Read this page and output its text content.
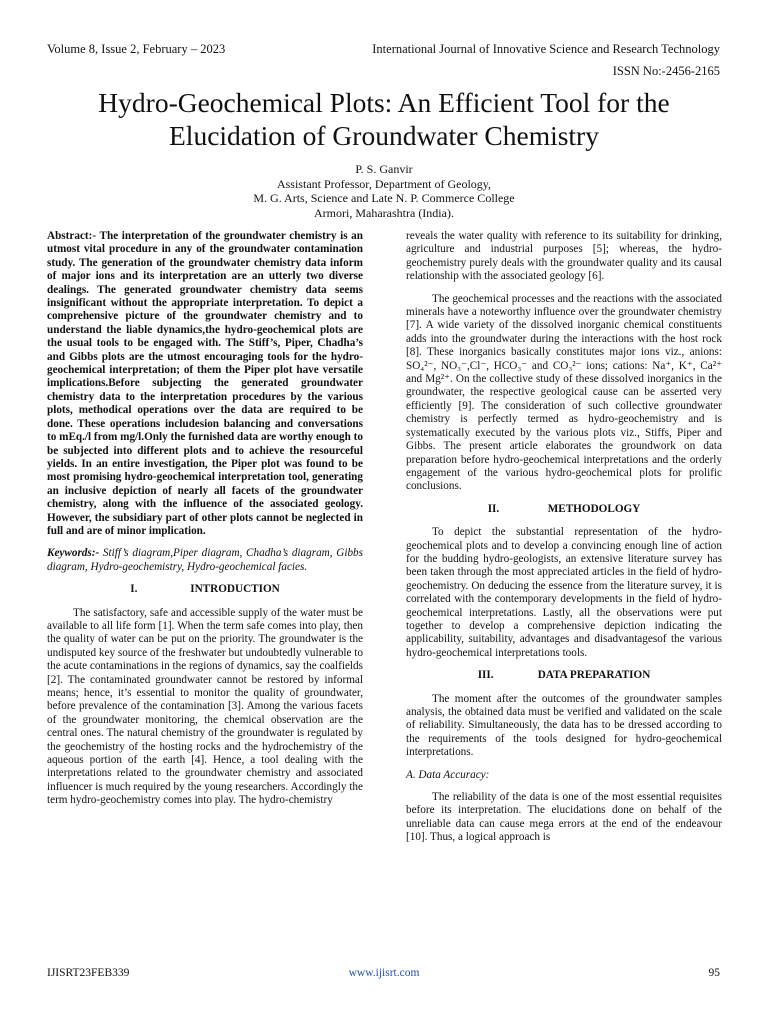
Volume 8, Issue 2, February – 2023	International Journal of Innovative Science and Research Technology
ISSN No:-2456-2165
Hydro-Geochemical Plots: An Efficient Tool for the
Elucidation of Groundwater Chemistry
P. S. Ganvir
Assistant Professor, Department of Geology,
M. G. Arts, Science and Late N. P. Commerce College
Armori, Maharashtra (India).

Abstract:- The interpretation of the groundwater chemistry is an utmost vital procedure in any of the groundwater contamination study. The generation of the groundwater chemistry data inform of major ions and its interpretation are an utterly two diverse dealings. The generated groundwater chemistry data seems insignificant without the appropriate interpretation. To depict a comprehensive picture of the groundwater chemistry and to understand the liable dynamics,the hydro-geochemical plots are the usual tools to be engaged with. The Stiff’s, Piper, Chadha’s and Gibbs plots are the utmost encouraging tools for the hydro-geochemical interpretation; of them the Piper plot have versatile implications.Before subjecting the generated groundwater chemistry data to the interpretation procedures by the various plots, methodical operations over the data are required to be done. These operations includesion balancing and conversations to mEq./l from mg/l.Only the furnished data are worthy enough to be subjected into different plots and to achieve the resourceful yields. In an entire investigation, the Piper plot was found to be most promising hydro-geochemical interpretation tool, generating an inclusive depiction of nearly all facets of the groundwater chemistry, along with the influence of the associated geology. However, the subsidiary part of other plots cannot be neglected in full and are of minor implication.

Keywords:- Stiff’s diagram,Piper diagram, Chadha’s diagram, Gibbs diagram, Hydro-geochemistry, Hydro-geochemical facies.

I.	INTRODUCTION

The satisfactory, safe and accessible supply of the water must be available to all life form [1]. When the term safe comes into play, then the quality of water can be put on the priority. The groundwater is the undisputed key source of the freshwater but undoubtedly vulnerable to the acute contaminations in the regions of dynamics, say the coalfields [2]. The contaminated groundwater cannot be restored by informal means; hence, it’s essential to monitor the quality of groundwater, before prevalence of the contamination [3]. Among the various facets of the groundwater monitoring, the chemical observation are the central ones. The natural chemistry of the groundwater is regulated by the geochemistry of the hosting rocks and the hydrochemistry of the aqueous portion of the earth [4]. Hence, a tool dealing with the interpretations related to the groundwater chemistry and associated influencer is much required by the young researchers. Accordingly the term hydro-geochemistry comes into play. The hydro-chemistry

reveals the water quality with reference to its suitability for drinking, agriculture and industrial purposes [5]; whereas, the hydro-geochemistry purely deals with the groundwater quality and its causal relationship with the associated geology [6].

The geochemical processes and the reactions with the associated minerals have a noteworthy influence over the groundwater chemistry [7]. A wide variety of the dissolved inorganic chemical constituents adds into the groundwater during the interactions with the host rock [8]. These inorganics basically constitutes major ions viz., anions: SO₄²⁻, NO₃⁻,Cl⁻, HCO₃⁻ and CO₃²⁻ ions; cations: Na⁺, K⁺, Ca²⁺ and Mg²⁺. On the collective study of these dissolved inorganics in the groundwater, the respective geological cause can be asserted very efficiently [9]. The consideration of such collective groundwater chemistry is perfectly termed as hydro-geochemistry and is systematically executed by the various plots viz., Stiffs, Piper and Gibbs. The present article elaborates the groundwork on data preparation before hydro-geochemical interpretations and the orderly engagement of the various hydro-geochemical plots for prolific conclusions.

II.	METHODOLOGY

To depict the substantial representation of the hydro-geochemical plots and to develop a convincing enough line of action for the budding hydro-geologists, an extensive literature survey has been taken through the most appreciated articles in the field of hydro-geochemistry. On deducing the essence from the literature survey, it is correlated with the contemporary developments in the field of hydro-geochemical interpretations. Lastly, all the observations were put together to develop a comprehensive depiction indicating the applicability, suitability, advantages and disadvantagesof the various hydro-geochemical interpretations tools.

III.	DATA PREPARATION

The moment after the outcomes of the groundwater samples analysis, the obtained data must be verified and validated on the scale of reliability. Simultaneously, the data has to be dressed according to the requirements of the tools designed for hydro-geochemical interpretations.

A. Data Accuracy:

The reliability of the data is one of the most essential requisites before its interpretation. The elucidations done on behalf of the unreliable data can cause mega errors at the end of the endeavour [10]. Thus, a logical approach is

IJISRT23FEB339	www.ijisrt.com	95
